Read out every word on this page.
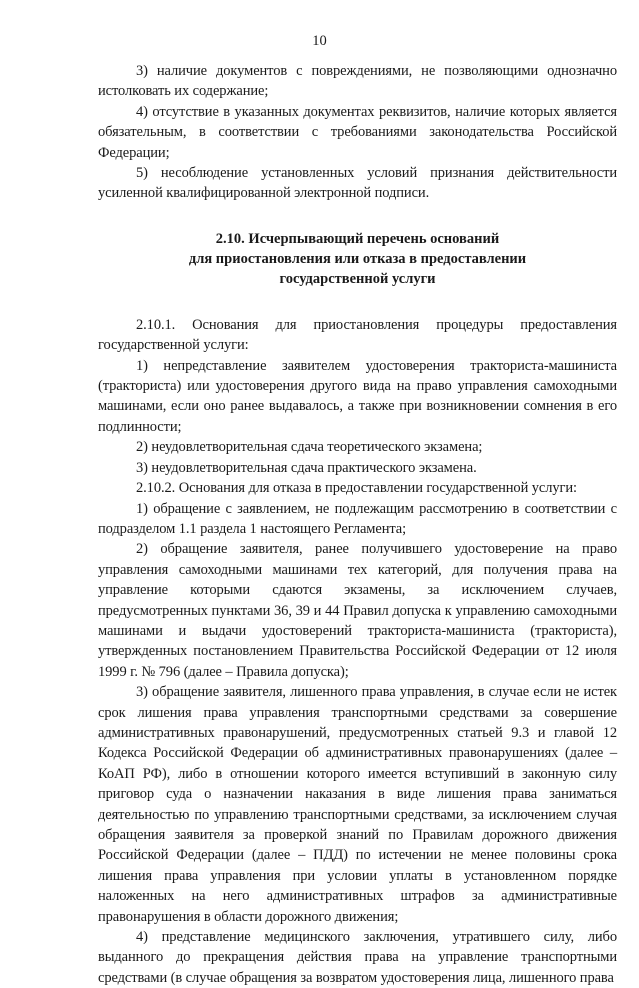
10

3) наличие документов с повреждениями, не позволяющими однозначно истолковать их содержание;

4) отсутствие в указанных документах реквизитов, наличие которых является обязательным, в соответствии с требованиями законодательства Российской Федерации;

5) несоблюдение установленных условий признания действительности усиленной квалифицированной электронной подписи.

2.10. Исчерпывающий перечень оснований
для приостановления или отказа в предоставлении
государственной услуги

2.10.1. Основания для приостановления процедуры предоставления государственной услуги:

1) непредставление заявителем удостоверения тракториста-машиниста (тракториста) или удостоверения другого вида на право управления самоходными машинами, если оно ранее выдавалось, а также при возникновении сомнения в его подлинности;

2) неудовлетворительная сдача теоретического экзамена;

3) неудовлетворительная сдача практического экзамена.

2.10.2. Основания для отказа в предоставлении государственной услуги:

1) обращение с заявлением, не подлежащим рассмотрению в соответствии с подразделом 1.1 раздела 1 настоящего Регламента;

2) обращение заявителя, ранее получившего удостоверение на право управления самоходными машинами тех категорий, для получения права на управление которыми сдаются экзамены, за исключением случаев, предусмотренных пунктами 36, 39 и 44 Правил допуска к управлению самоходными машинами и выдачи удостоверений тракториста-машиниста (тракториста), утвержденных постановлением Правительства Российской Федерации от 12 июля 1999 г. № 796 (далее – Правила допуска);

3) обращение заявителя, лишенного права управления, в случае если не истек срок лишения права управления транспортными средствами за совершение административных правонарушений, предусмотренных статьей 9.3 и главой 12 Кодекса Российской Федерации об административных правонарушениях (далее – КоАП РФ), либо в отношении которого имеется вступивший в законную силу приговор суда о назначении наказания в виде лишения права заниматься деятельностью по управлению транспортными средствами, за исключением случая обращения заявителя за проверкой знаний по Правилам дорожного движения Российской Федерации (далее – ПДД) по истечении не менее половины срока лишения права управления при условии уплаты в установленном порядке наложенных на него административных штрафов за административные правонарушения в области дорожного движения;

4) представление медицинского заключения, утратившего силу, либо выданного до прекращения действия права на управление транспортными средствами (в случае обращения за возвратом удостоверения лица, лишенного права
